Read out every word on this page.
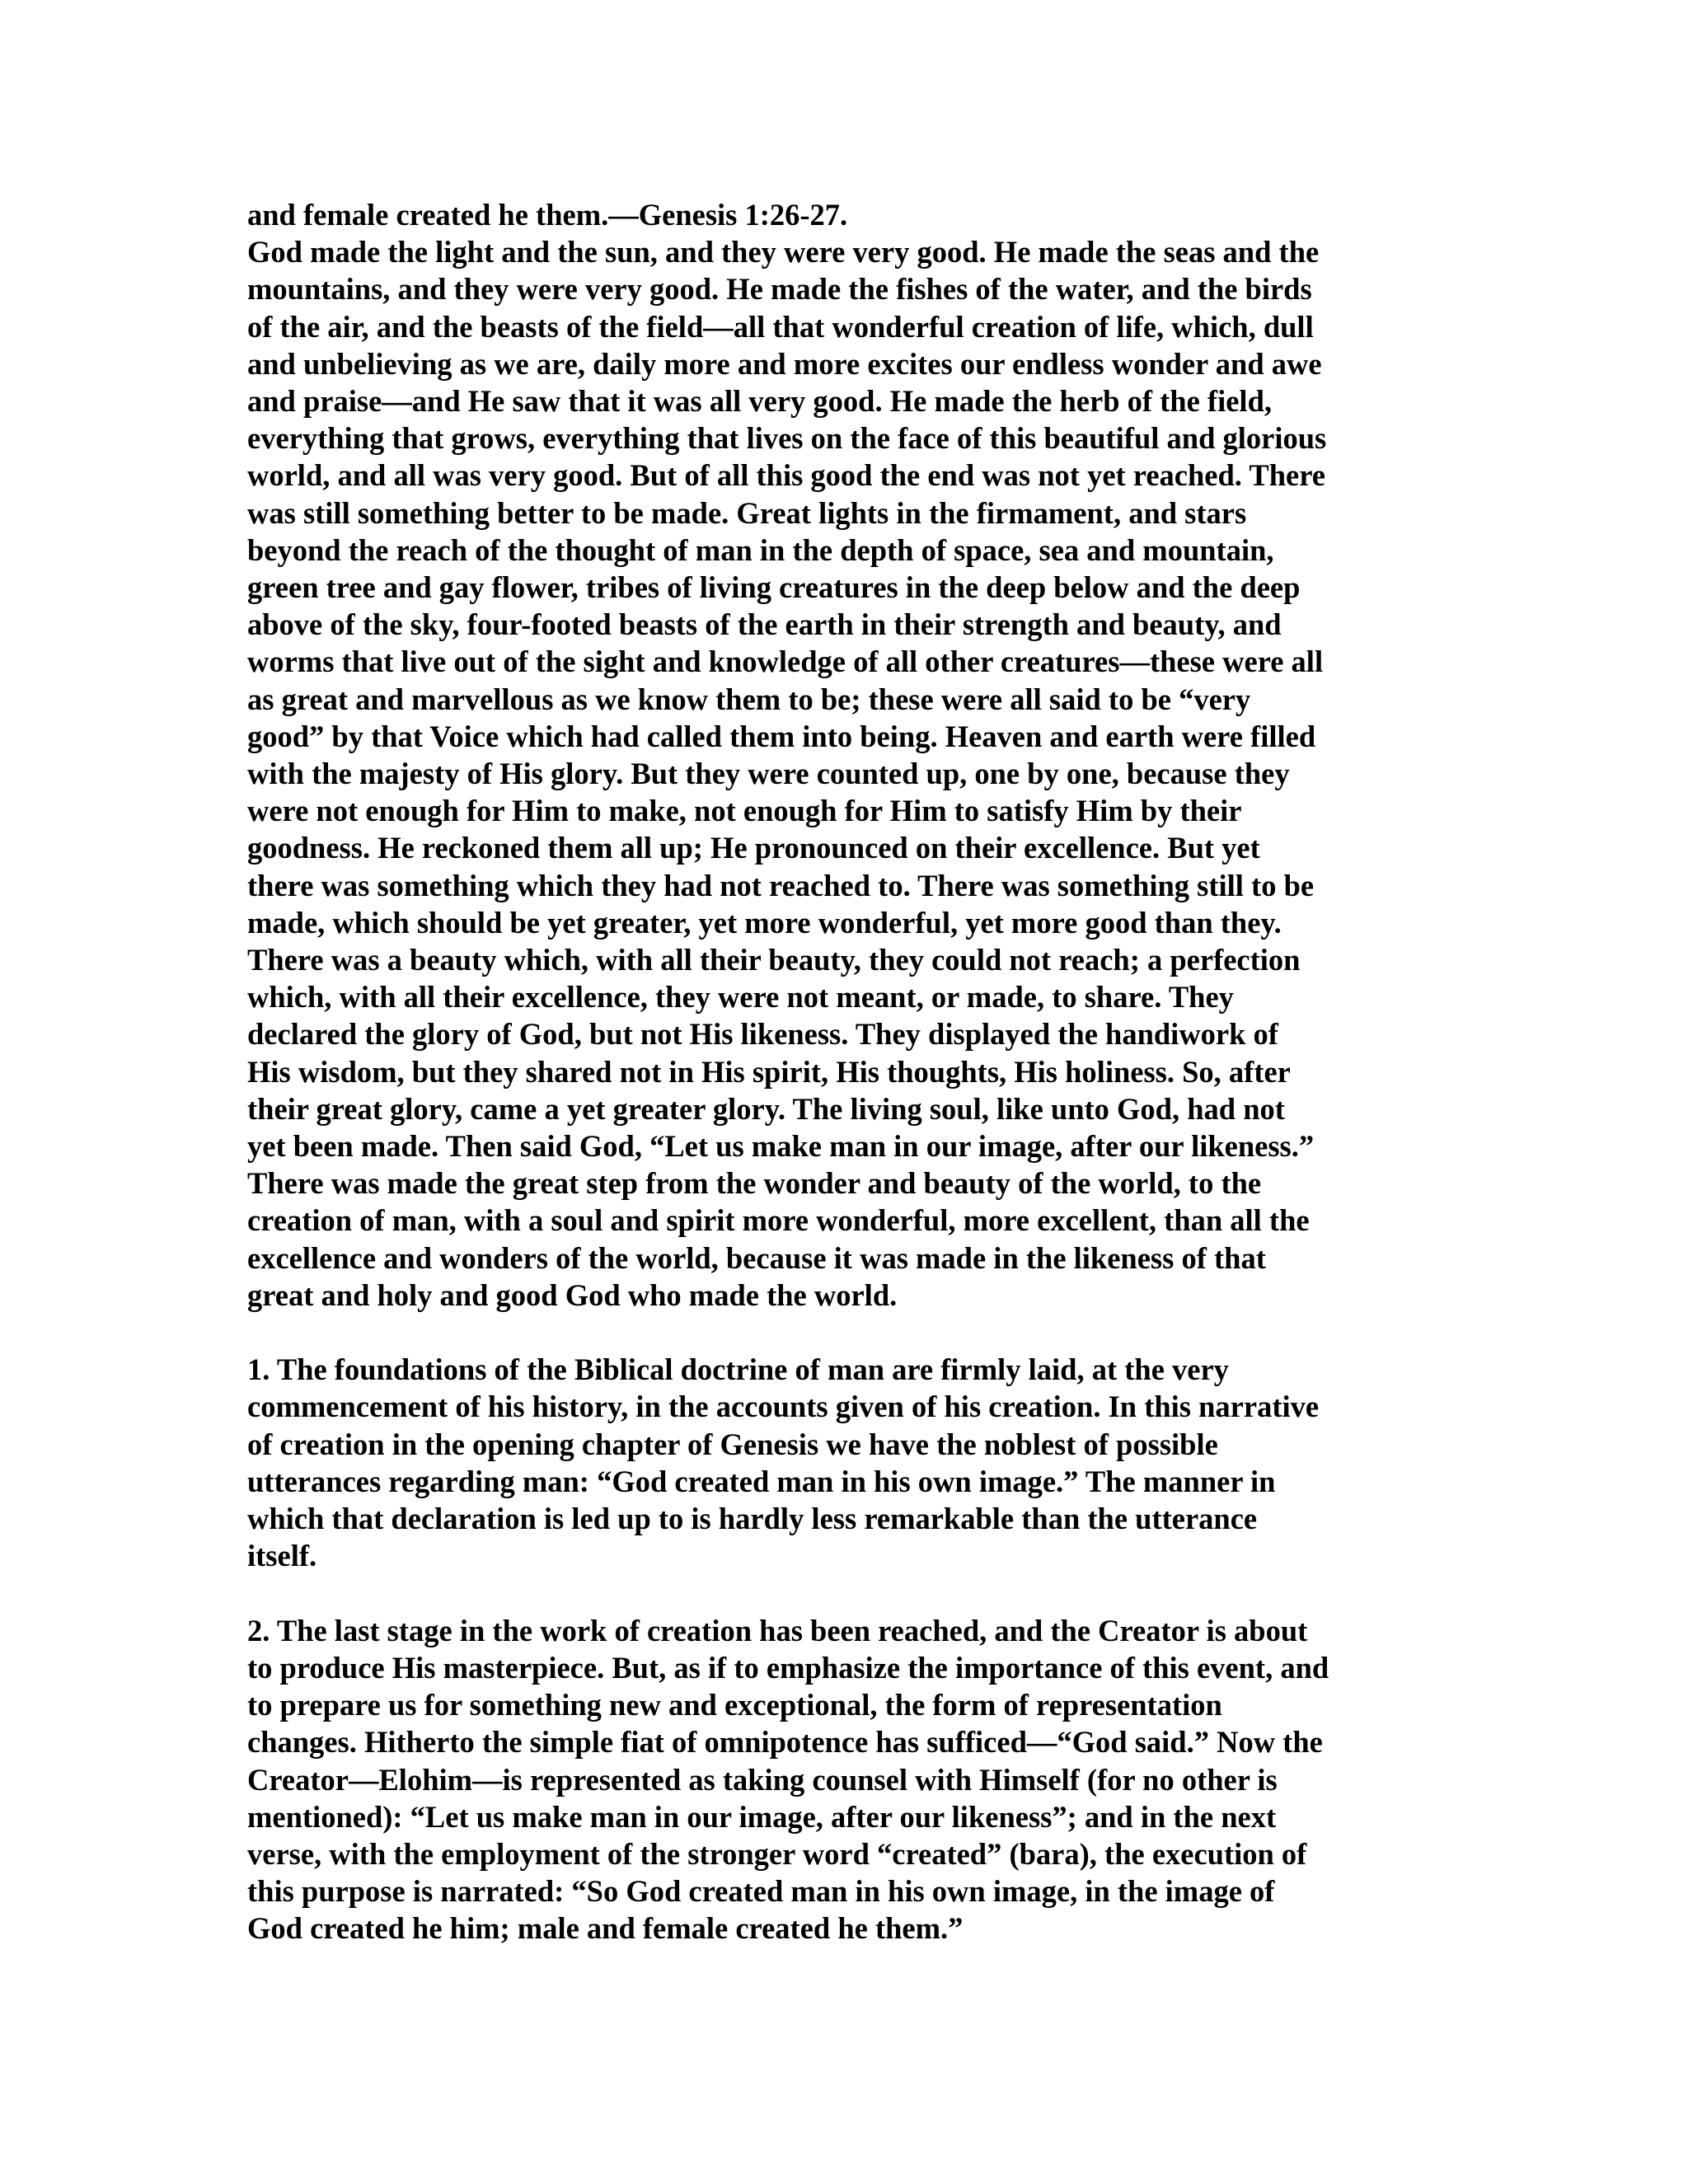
and female created he them.—Genesis 1:26-27.
God made the light and the sun, and they were very good. He made the seas and the
mountains, and they were very good. He made the fishes of the water, and the birds
of the air, and the beasts of the field—all that wonderful creation of life, which, dull
and unbelieving as we are, daily more and more excites our endless wonder and awe
and praise—and He saw that it was all very good. He made the herb of the field,
everything that grows, everything that lives on the face of this beautiful and glorious
world, and all was very good. But of all this good the end was not yet reached. There
was still something better to be made. Great lights in the firmament, and stars
beyond the reach of the thought of man in the depth of space, sea and mountain,
green tree and gay flower, tribes of living creatures in the deep below and the deep
above of the sky, four-footed beasts of the earth in their strength and beauty, and
worms that live out of the sight and knowledge of all other creatures—these were all
as great and marvellous as we know them to be; these were all said to be “very
good” by that Voice which had called them into being. Heaven and earth were filled
with the majesty of His glory. But they were counted up, one by one, because they
were not enough for Him to make, not enough for Him to satisfy Him by their
goodness. He reckoned them all up; He pronounced on their excellence. But yet
there was something which they had not reached to. There was something still to be
made, which should be yet greater, yet more wonderful, yet more good than they.
There was a beauty which, with all their beauty, they could not reach; a perfection
which, with all their excellence, they were not meant, or made, to share. They
declared the glory of God, but not His likeness. They displayed the handiwork of
His wisdom, but they shared not in His spirit, His thoughts, His holiness. So, after
their great glory, came a yet greater glory. The living soul, like unto God, had not
yet been made. Then said God, “Let us make man in our image, after our likeness.”
There was made the great step from the wonder and beauty of the world, to the
creation of man, with a soul and spirit more wonderful, more excellent, than all the
excellence and wonders of the world, because it was made in the likeness of that
great and holy and good God who made the world.
1. The foundations of the Biblical doctrine of man are firmly laid, at the very
commencement of his history, in the accounts given of his creation. In this narrative
of creation in the opening chapter of Genesis we have the noblest of possible
utterances regarding man: “God created man in his own image.” The manner in
which that declaration is led up to is hardly less remarkable than the utterance
itself.
2. The last stage in the work of creation has been reached, and the Creator is about
to produce His masterpiece. But, as if to emphasize the importance of this event, and
to prepare us for something new and exceptional, the form of representation
changes. Hitherto the simple fiat of omnipotence has sufficed—“God said.” Now the
Creator—Elohim—is represented as taking counsel with Himself (for no other is
mentioned): “Let us make man in our image, after our likeness”; and in the next
verse, with the employment of the stronger word “created” (bara), the execution of
this purpose is narrated: “So God created man in his own image, in the image of
God created he him; male and female created he them.”
